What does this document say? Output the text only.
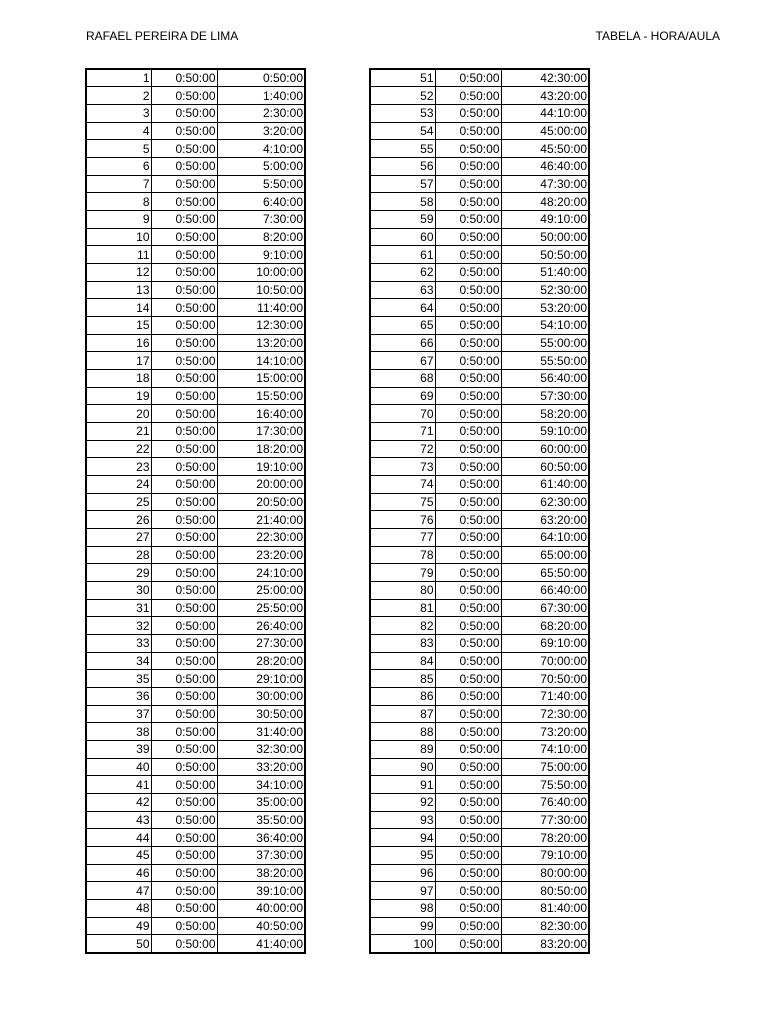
RAFAEL PEREIRA DE LIMA	TABELA - HORA/AULA
1	0:50:00	0:50:00
2	0:50:00	1:40:00
3	0:50:00	2:30:00
4	0:50:00	3:20:00
5	0:50:00	4:10:00
6	0:50:00	5:00:00
7	0:50:00	5:50:00
8	0:50:00	6:40:00
9	0:50:00	7:30:00
10	0:50:00	8:20:00
11	0:50:00	9:10:00
12	0:50:00	10:00:00
13	0:50:00	10:50:00
14	0:50:00	11:40:00
15	0:50:00	12:30:00
16	0:50:00	13:20:00
17	0:50:00	14:10:00
18	0:50:00	15:00:00
19	0:50:00	15:50:00
20	0:50:00	16:40:00
21	0:50:00	17:30:00
22	0:50:00	18:20:00
23	0:50:00	19:10:00
24	0:50:00	20:00:00
25	0:50:00	20:50:00
26	0:50:00	21:40:00
27	0:50:00	22:30:00
28	0:50:00	23:20:00
29	0:50:00	24:10:00
30	0:50:00	25:00:00
31	0:50:00	25:50:00
32	0:50:00	26:40:00
33	0:50:00	27:30:00
34	0:50:00	28:20:00
35	0:50:00	29:10:00
36	0:50:00	30:00:00
37	0:50:00	30:50:00
38	0:50:00	31:40:00
39	0:50:00	32:30:00
40	0:50:00	33:20:00
41	0:50:00	34:10:00
42	0:50:00	35:00:00
43	0:50:00	35:50:00
44	0:50:00	36:40:00
45	0:50:00	37:30:00
46	0:50:00	38:20:00
47	0:50:00	39:10:00
48	0:50:00	40:00:00
49	0:50:00	40:50:00
50	0:50:00	41:40:00
51	0:50:00	42:30:00
52	0:50:00	43:20:00
53	0:50:00	44:10:00
54	0:50:00	45:00:00
55	0:50:00	45:50:00
56	0:50:00	46:40:00
57	0:50:00	47:30:00
58	0:50:00	48:20:00
59	0:50:00	49:10:00
60	0:50:00	50:00:00
61	0:50:00	50:50:00
62	0:50:00	51:40:00
63	0:50:00	52:30:00
64	0:50:00	53:20:00
65	0:50:00	54:10:00
66	0:50:00	55:00:00
67	0:50:00	55:50:00
68	0:50:00	56:40:00
69	0:50:00	57:30:00
70	0:50:00	58:20:00
71	0:50:00	59:10:00
72	0:50:00	60:00:00
73	0:50:00	60:50:00
74	0:50:00	61:40:00
75	0:50:00	62:30:00
76	0:50:00	63:20:00
77	0:50:00	64:10:00
78	0:50:00	65:00:00
79	0:50:00	65:50:00
80	0:50:00	66:40:00
81	0:50:00	67:30:00
82	0:50:00	68:20:00
83	0:50:00	69:10:00
84	0:50:00	70:00:00
85	0:50:00	70:50:00
86	0:50:00	71:40:00
87	0:50:00	72:30:00
88	0:50:00	73:20:00
89	0:50:00	74:10:00
90	0:50:00	75:00:00
91	0:50:00	75:50:00
92	0:50:00	76:40:00
93	0:50:00	77:30:00
94	0:50:00	78:20:00
95	0:50:00	79:10:00
96	0:50:00	80:00:00
97	0:50:00	80:50:00
98	0:50:00	81:40:00
99	0:50:00	82:30:00
100	0:50:00	83:20:00
